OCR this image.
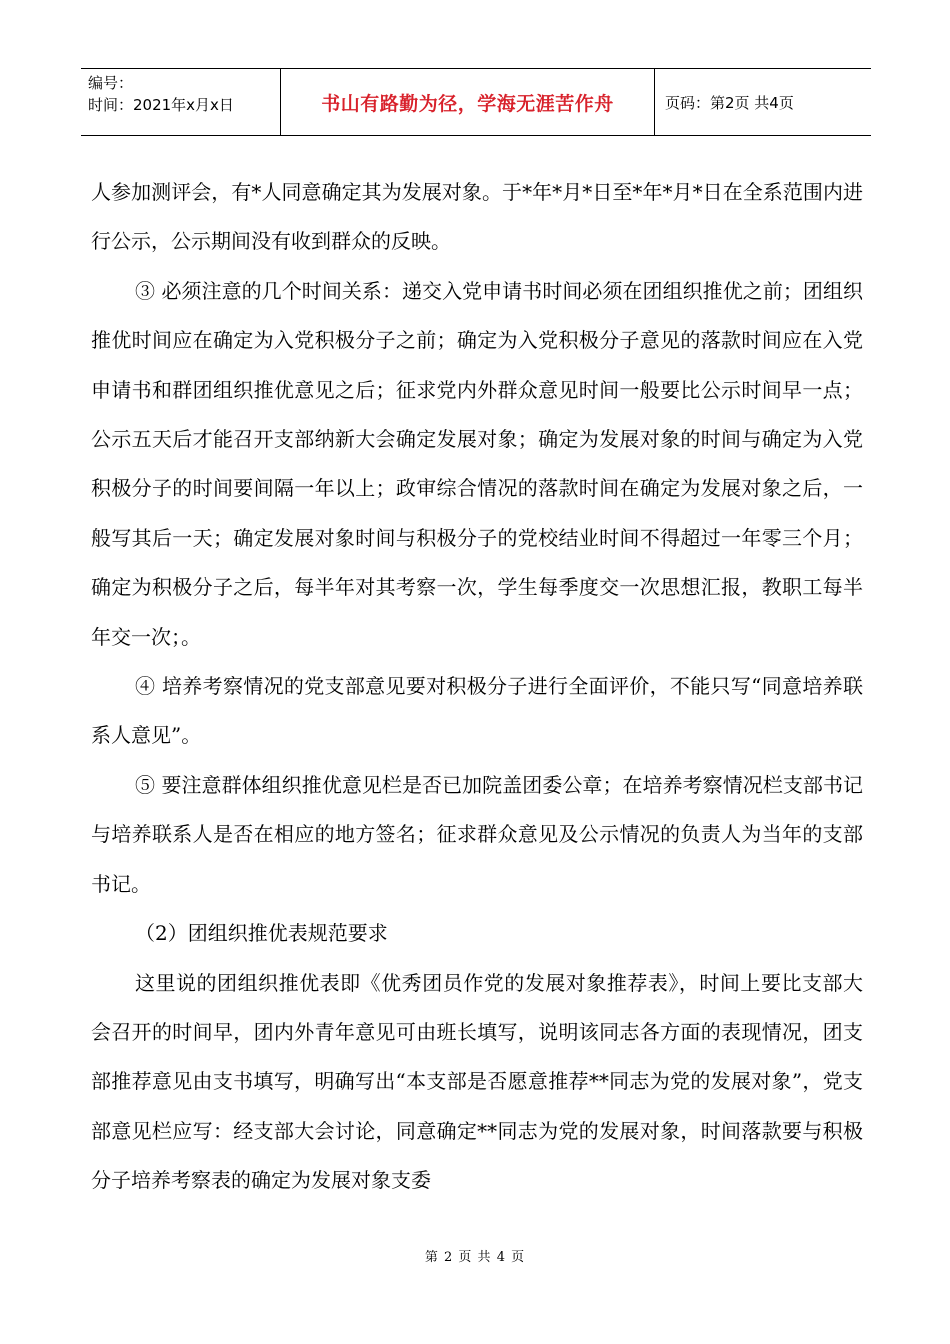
编号：
时间：2021年x月x日	书山有路勤为径，学海无涯苦作舟	页码：第2页 共4页

人参加测评会，有*人同意确定其为发展对象。于*年*月*日至*年*月*日在全系范围内进行公示，公示期间没有收到群众的反映。

③ 必须注意的几个时间关系：递交入党申请书时间必须在团组织推优之前；团组织推优时间应在确定为入党积极分子之前；确定为入党积极分子意见的落款时间应在入党申请书和群团组织推优意见之后；征求党内外群众意见时间一般要比公示时间早一点；公示五天后才能召开支部纳新大会确定发展对象；确定为发展对象的时间与确定为入党积极分子的时间要间隔一年以上；政审综合情况的落款时间在确定为发展对象之后，一般写其后一天；确定发展对象时间与积极分子的党校结业时间不得超过一年零三个月；确定为积极分子之后，每半年对其考察一次，学生每季度交一次思想汇报，教职工每半年交一次；。

④ 培养考察情况的党支部意见要对积极分子进行全面评价，不能只写“同意培养联系人意见”。

⑤ 要注意群体组织推优意见栏是否已加院盖团委公章；在培养考察情况栏支部书记与培养联系人是否在相应的地方签名；征求群众意见及公示情况的负责人为当年的支部书记。

（2）团组织推优表规范要求

这里说的团组织推优表即《优秀团员作党的发展对象推荐表》，时间上要比支部大会召开的时间早，团内外青年意见可由班长填写，说明该同志各方面的表现情况，团支部推荐意见由支书填写，明确写出“本支部是否愿意推荐**同志为党的发展对象”，党支部意见栏应写：经支部大会讨论，同意确定**同志为党的发展对象，时间落款要与积极分子培养考察表的确定为发展对象支委

第 2 页 共 4 页
